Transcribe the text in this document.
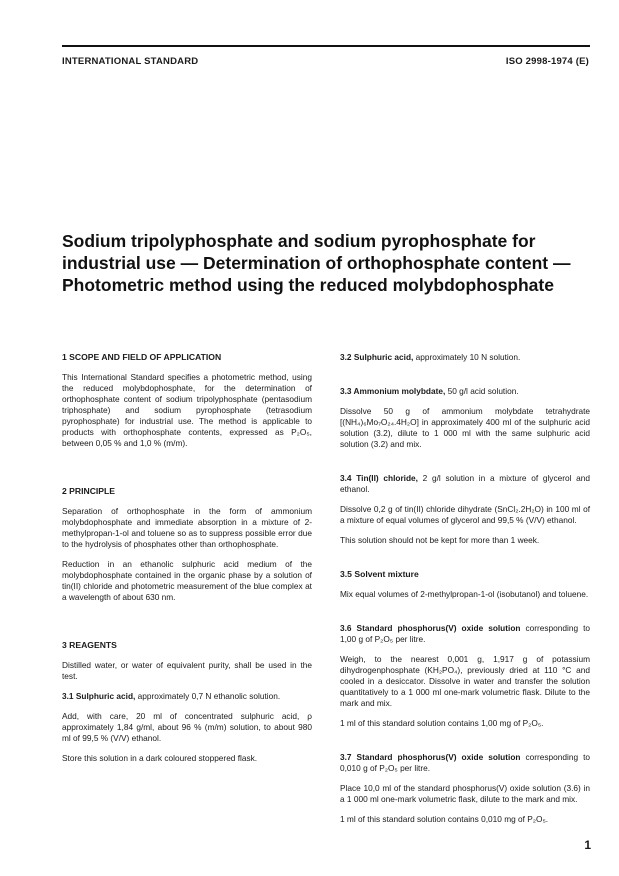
INTERNATIONAL STANDARD	ISO 2998-1974 (E)
Sodium tripolyphosphate and sodium pyrophosphate for industrial use — Determination of orthophosphate content — Photometric method using the reduced molybdophosphate
1 SCOPE AND FIELD OF APPLICATION
This International Standard specifies a photometric method, using the reduced molybdophosphate, for the determination of orthophosphate content of sodium tripolyphosphate (pentasodium triphosphate) and sodium pyrophosphate (tetrasodium pyrophosphate) for industrial use. The method is applicable to products with orthophosphate contents, expressed as P₂O₅, between 0,05 % and 1,0 % (m/m).
2 PRINCIPLE
Separation of orthophosphate in the form of ammonium molybdophosphate and immediate absorption in a mixture of 2-methylpropan-1-ol and toluene so as to suppress possible error due to the hydrolysis of phosphates other than orthophosphate.
Reduction in an ethanolic sulphuric acid medium of the molybdophosphate contained in the organic phase by a solution of tin(II) chloride and photometric measurement of the blue complex at a wavelength of about 630 nm.
3 REAGENTS
Distilled water, or water of equivalent purity, shall be used in the test.
3.1 Sulphuric acid, approximately 0,7 N ethanolic solution.
Add, with care, 20 ml of concentrated sulphuric acid, ρ approximately 1,84 g/ml, about 96 % (m/m) solution, to about 980 ml of 99,5 % (V/V) ethanol.
Store this solution in a dark coloured stoppered flask.
3.2 Sulphuric acid, approximately 10 N solution.
3.3 Ammonium molybdate, 50 g/l acid solution.
Dissolve 50 g of ammonium molybdate tetrahydrate [(NH₄)₆Mo₇O₂₄.4H₂O] in approximately 400 ml of the sulphuric acid solution (3.2), dilute to 1 000 ml with the same sulphuric acid solution (3.2) and mix.
3.4 Tin(II) chloride, 2 g/l solution in a mixture of glycerol and ethanol.
Dissolve 0,2 g of tin(II) chloride dihydrate (SnCl₂.2H₂O) in 100 ml of a mixture of equal volumes of glycerol and 99,5 % (V/V) ethanol.
This solution should not be kept for more than 1 week.
3.5 Solvent mixture
Mix equal volumes of 2-methylpropan-1-ol (isobutanol) and toluene.
3.6 Standard phosphorus(V) oxide solution corresponding to 1,00 g of P₂O₅ per litre.
Weigh, to the nearest 0,001 g, 1,917 g of potassium dihydrogenphosphate (KH₂PO₄), previously dried at 110 °C and cooled in a desiccator. Dissolve in water and transfer the solution quantitatively to a 1 000 ml one-mark volumetric flask. Dilute to the mark and mix.
1 ml of this standard solution contains 1,00 mg of P₂O₅.
3.7 Standard phosphorus(V) oxide solution corresponding to 0,010 g of P₂O₅ per litre.
Place 10,0 ml of the standard phosphorus(V) oxide solution (3.6) in a 1 000 ml one-mark volumetric flask, dilute to the mark and mix.
1 ml of this standard solution contains 0,010 mg of P₂O₅.
1
